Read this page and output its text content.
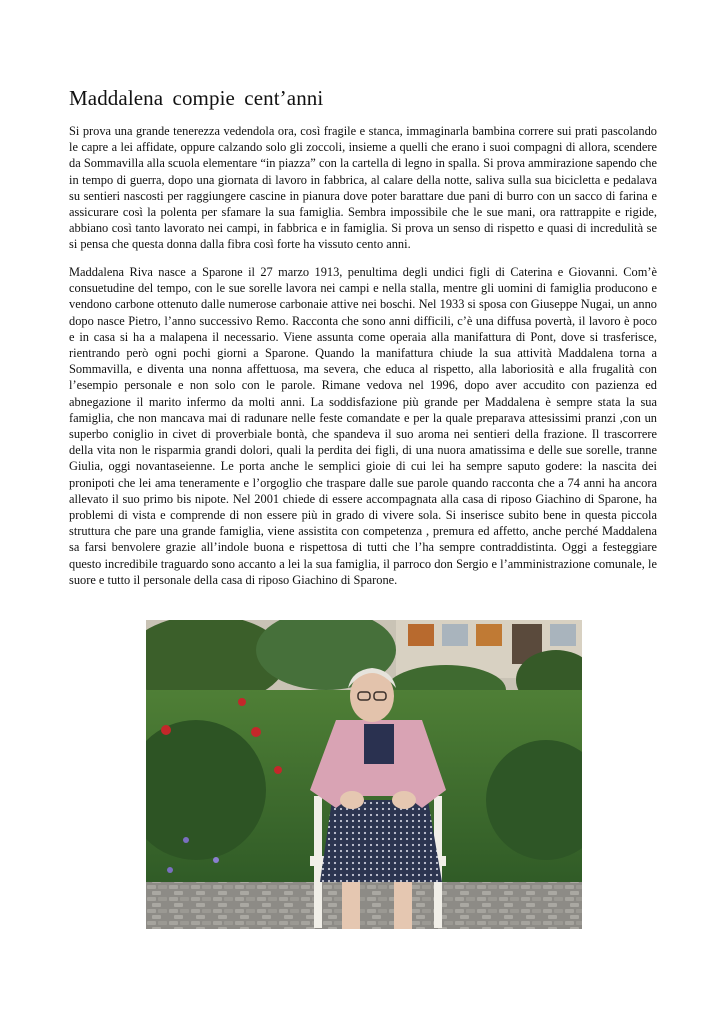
Maddalena compie cent’anni

Si prova una grande tenerezza vedendola ora, così fragile e stanca, immaginarla bambina correre sui prati pascolando le capre a lei affidate, oppure calzando solo gli zoccoli, insieme a quelli che erano i suoi compagni di allora, scendere da Sommavilla alla scuola elementare “in piazza” con la cartella di legno in spalla. Si prova ammirazione sapendo che in tempo di guerra, dopo una giornata di lavoro in fabbrica, al calare della notte, saliva sulla sua bicicletta e pedalava su sentieri nascosti per raggiungere cascine in pianura dove poter barattare due pani di burro con un sacco di farina e assicurare così la polenta per sfamare la sua famiglia. Sembra impossibile che le sue mani, ora rattrappite e rigide, abbiano così tanto lavorato nei campi, in fabbrica e in famiglia. Si prova un senso di rispetto e quasi di incredulità se si pensa che questa donna dalla fibra così forte ha vissuto cento anni.

Maddalena Riva nasce a Sparone il 27 marzo 1913, penultima degli undici figli di Caterina e Giovanni. Com’è consuetudine del tempo, con le sue sorelle lavora nei campi e nella stalla, mentre gli uomini di famiglia producono e vendono carbone ottenuto dalle numerose carbonaie attive nei boschi. Nel 1933 si sposa con Giuseppe Nugai, un anno dopo nasce Pietro, l’anno successivo Remo. Racconta che sono anni difficili, c’è una diffusa povertà, il lavoro è poco e in casa si ha a malapena il necessario. Viene assunta come operaia alla manifattura di Pont, dove si trasferisce, rientrando però ogni pochi giorni a Sparone. Quando la manifattura chiude la sua attività Maddalena torna a Sommavilla, e diventa una nonna affettuosa, ma severa, che educa al rispetto, alla laboriosità e alla frugalità con l’esempio personale e non solo con le parole. Rimane vedova nel 1996, dopo aver accudito con pazienza ed abnegazione il marito infermo da molti anni. La soddisfazione più grande per Maddalena è sempre stata la sua famiglia, che non mancava mai di radunare nelle feste comandate e per la quale preparava attesissimi pranzi ,con un superbo coniglio in civet di proverbiale bontà, che spandeva il suo aroma nei sentieri della frazione. Il trascorrere della vita non le risparmia grandi dolori, quali la perdita dei figli, di una nuora amatissima e delle sue sorelle, tranne Giulia, oggi novantaseienne. Le porta anche le semplici gioie di cui lei ha sempre saputo godere: la nascita dei pronipoti che lei ama teneramente e l’orgoglio che traspare dalle sue parole quando racconta che a 74 anni ha ancora allevato il suo primo bis nipote. Nel 2001 chiede di essere accompagnata alla casa di riposo Giachino di Sparone, ha problemi di vista e comprende di non essere più in grado di vivere sola. Si inserisce subito bene in questa piccola struttura che pare una grande famiglia, viene assistita con competenza , premura ed affetto, anche perché Maddalena sa farsi benvolere grazie all’indole buona e rispettosa di tutti che l’ha sempre contraddistinta. Oggi a festeggiare questo incredibile traguardo sono accanto a lei la sua famiglia, il parroco don Sergio e l’amministrazione comunale, le suore e tutto il personale della casa di riposo Giachino di Sparone.
